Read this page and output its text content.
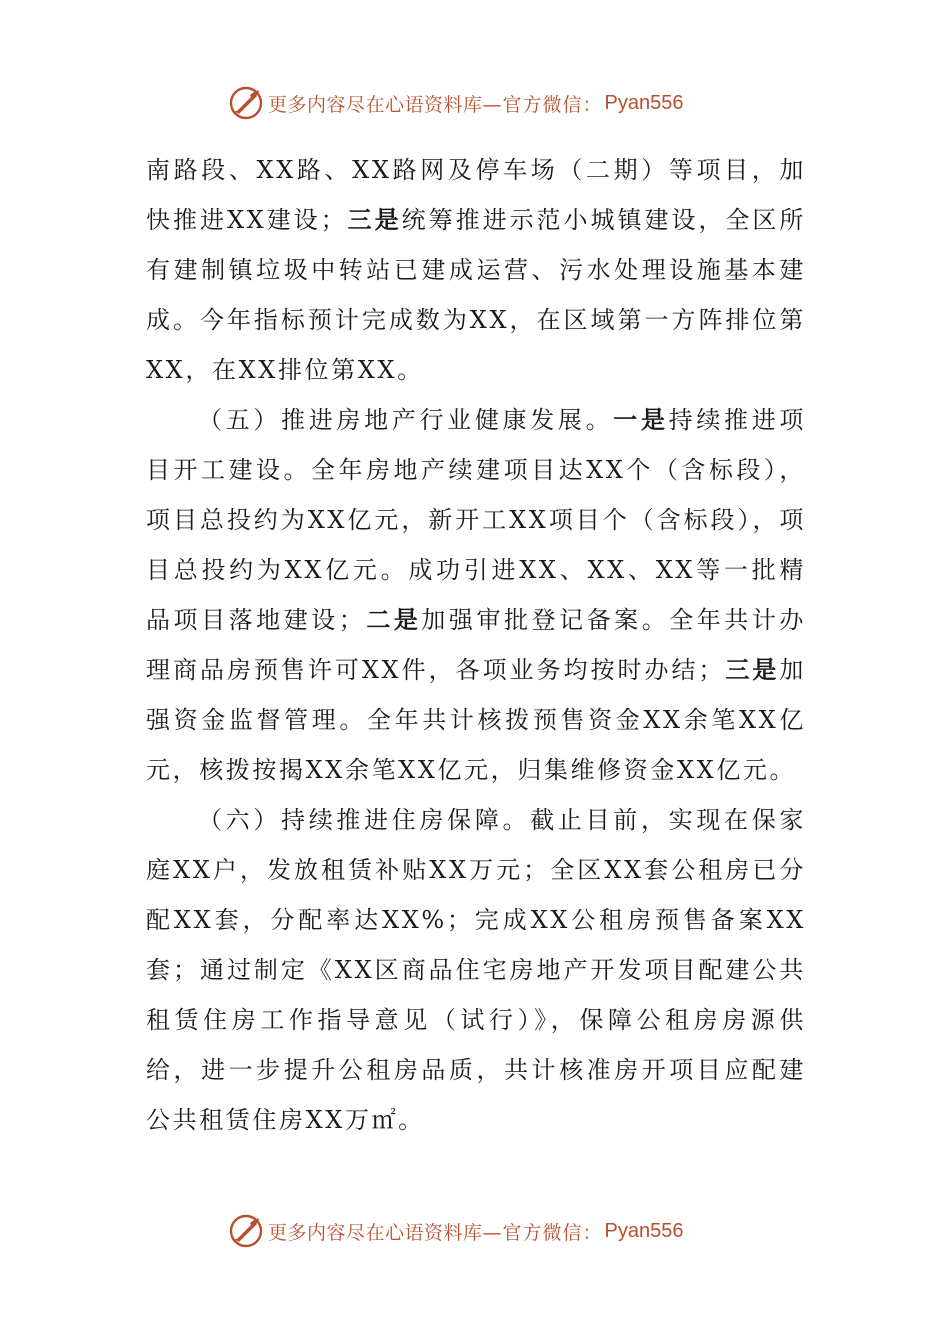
更多内容尽在心语资料库 —官方微信： Pyan556

南路段、XX路、XX路网及停车场（二期）等项目，加快推进XX建设；三是统筹推进示范小城镇建设，全区所有建制镇垃圾中转站已建成运营、污水处理设施基本建成。今年指标预计完成数为XX，在区域第一方阵排位第XX，在XX排位第XX。

（五）推进房地产行业健康发展。一是持续推进项目开工建设。全年房地产续建项目达XX个（含标段），项目总投约为XX亿元，新开工XX项目个（含标段），项目总投约为XX亿元。成功引进XX、XX、XX等一批精品项目落地建设；二是加强审批登记备案。全年共计办理商品房预售许可XX件，各项业务均按时办结；三是加强资金监督管理。全年共计核拨预售资金XX余笔XX亿元，核拨按揭XX余笔XX亿元，归集维修资金XX亿元。

（六）持续推进住房保障。截止目前，实现在保家庭XX户，发放租赁补贴XX万元；全区XX套公租房已分配XX套，分配率达XX%；完成XX公租房预售备案XX套；通过制定《XX区商品住宅房地产开发项目配建公共租赁住房工作指导意见（试行）》，保障公租房房源供给，进一步提升公租房品质，共计核准房开项目应配建公共租赁住房XX万㎡。

更多内容尽在心语资料库 —官方微信： Pyan556
